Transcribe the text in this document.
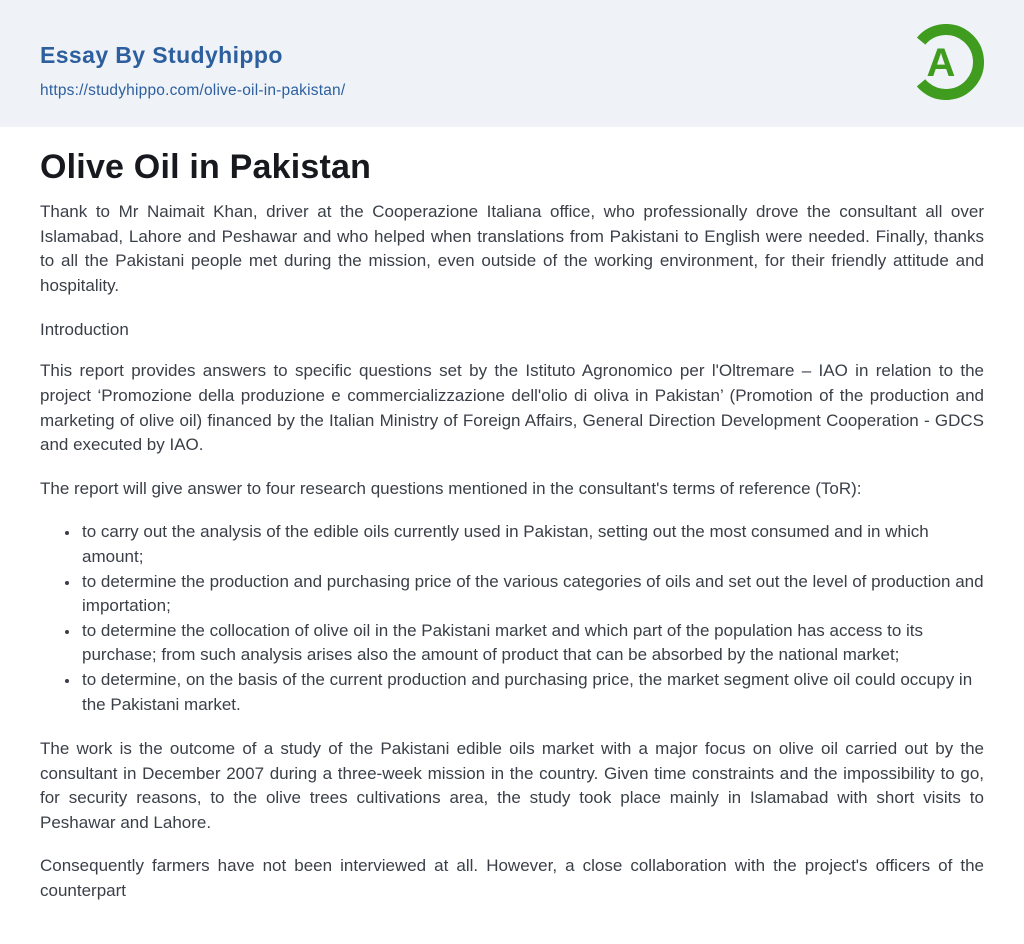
Essay By Studyhippo
https://studyhippo.com/olive-oil-in-pakistan/
A
Olive Oil in Pakistan

Thank to Mr Naimait Khan, driver at the Cooperazione Italiana office, who professionally drove the consultant all over Islamabad, Lahore and Peshawar and who helped when translations from Pakistani to English were needed. Finally, thanks to all the Pakistani people met during the mission, even outside of the working environment, for their friendly attitude and hospitality.

Introduction

This report provides answers to specific questions set by the Istituto Agronomico per l'Oltremare – IAO in relation to the project ‘Promozione della produzione e commercializzazione dell'olio di oliva in Pakistan’ (Promotion of the production and marketing of olive oil) financed by the Italian Ministry of Foreign Affairs, General Direction Development Cooperation - GDCS and executed by IAO.

The report will give answer to four research questions mentioned in the consultant's terms of reference (ToR):

• to carry out the analysis of the edible oils currently used in Pakistan, setting out the most consumed and in which amount;
• to determine the production and purchasing price of the various categories of oils and set out the level of production and importation;
• to determine the collocation of olive oil in the Pakistani market and which part of the population has access to its purchase; from such analysis arises also the amount of product that can be absorbed by the national market;
• to determine, on the basis of the current production and purchasing price, the market segment olive oil could occupy in the Pakistani market.

The work is the outcome of a study of the Pakistani edible oils market with a major focus on olive oil carried out by the consultant in December 2007 during a three-week mission in the country. Given time constraints and the impossibility to go, for security reasons, to the olive trees cultivations area, the study took place mainly in Islamabad with short visits to Peshawar and Lahore.

Consequently farmers have not been interviewed at all. However, a close collaboration with the project's officers of the counterpart
